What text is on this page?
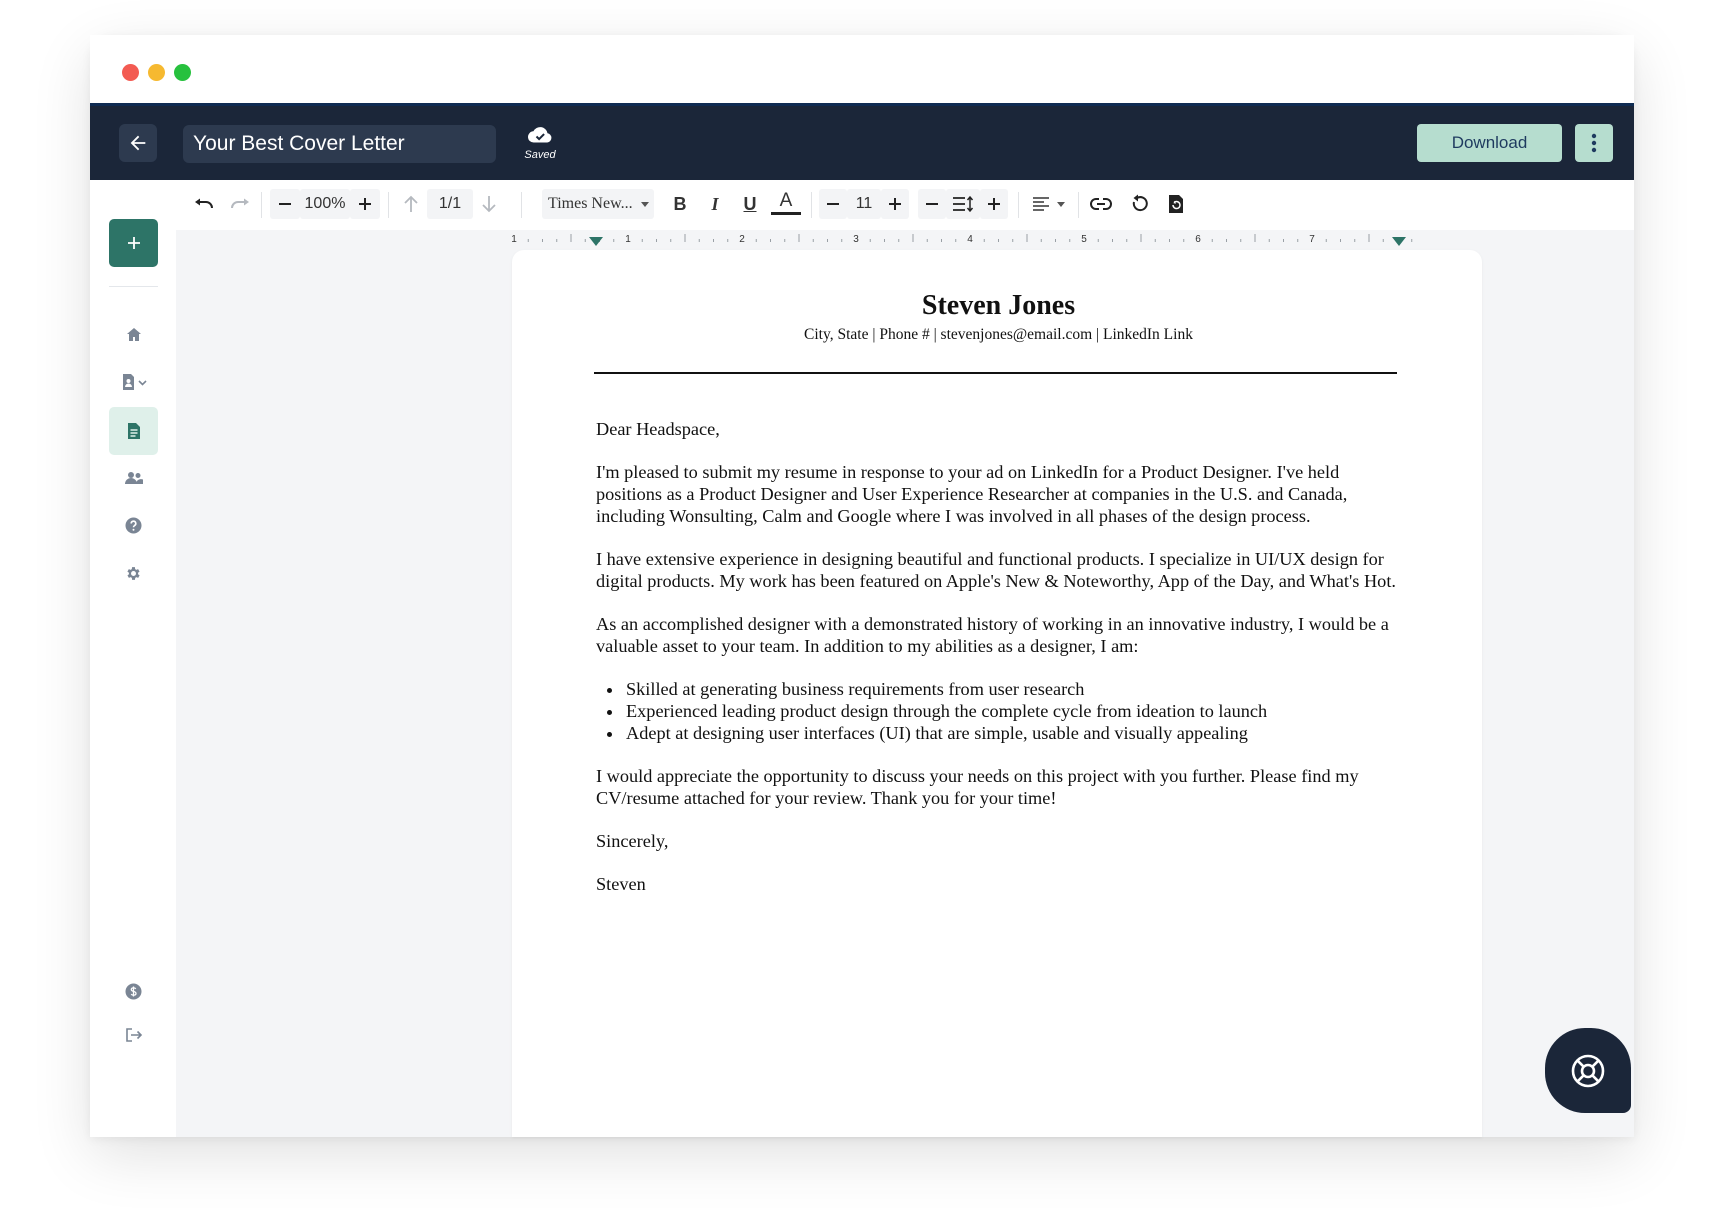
Your Best Cover Letter
Saved
Download
100%	1/1	Times New...	B	I	U	A	11
1	1	2	3	4	5	6	7
Steven Jones
City, State | Phone # | stevenjones@email.com | LinkedIn Link

Dear Headspace,

I'm pleased to submit my resume in response to your ad on LinkedIn for a Product Designer. I've held positions as a Product Designer and User Experience Researcher at companies in the U.S. and Canada, including Wonsulting, Calm and Google where I was involved in all phases of the design process.

I have extensive experience in designing beautiful and functional products. I specialize in UI/UX design for digital products. My work has been featured on Apple's New & Noteworthy, App of the Day, and What's Hot.

As an accomplished designer with a demonstrated history of working in an innovative industry, I would be a valuable asset to your team. In addition to my abilities as a designer, I am:

• Skilled at generating business requirements from user research
• Experienced leading product design through the complete cycle from ideation to launch
• Adept at designing user interfaces (UI) that are simple, usable and visually appealing

I would appreciate the opportunity to discuss your needs on this project with you further. Please find my CV/resume attached for your review. Thank you for your time!

Sincerely,

Steven
